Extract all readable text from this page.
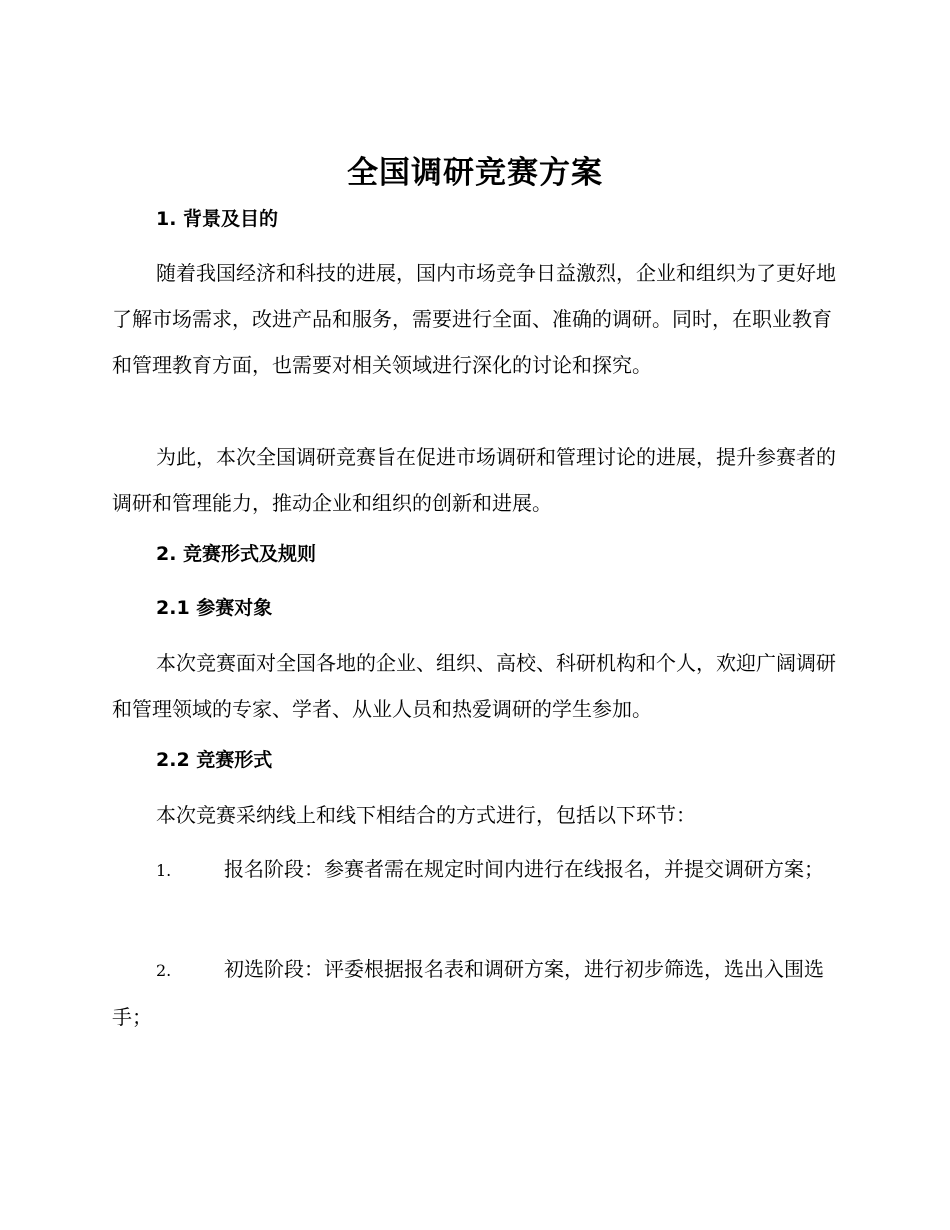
全国调研竞赛方案
1. 背景及目的

随着我国经济和科技的进展，国内市场竞争日益激烈，企业和组织为了更好地了解市场需求，改进产品和服务，需要进行全面、准确的调研。同时，在职业教育和管理教育方面，也需要对相关领域进行深化的讨论和探究。

为此，本次全国调研竞赛旨在促进市场调研和管理讨论的进展，提升参赛者的调研和管理能力，推动企业和组织的创新和进展。

2. 竞赛形式及规则
2.1 参赛对象

本次竞赛面对全国各地的企业、组织、高校、科研机构和个人，欢迎广阔调研和管理领域的专家、学者、从业人员和热爱调研的学生参加。

2.2 竞赛形式

本次竞赛采纳线上和线下相结合的方式进行，包括以下环节：

1.	报名阶段：参赛者需在规定时间内进行在线报名，并提交调研方案；

2.	初选阶段：评委根据报名表和调研方案，进行初步筛选，选出入围选手；
